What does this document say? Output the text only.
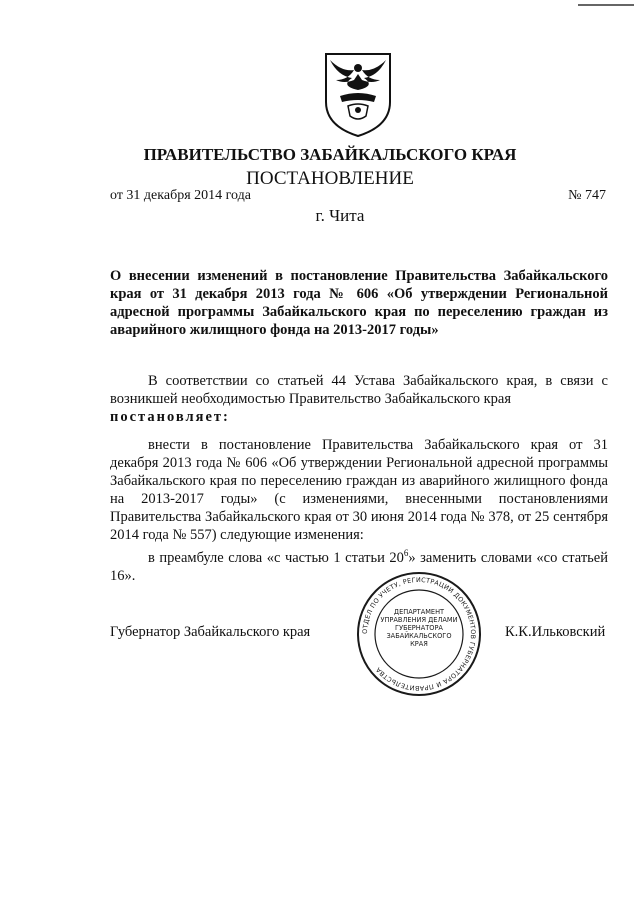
ПРАВИТЕЛЬСТВО ЗАБАЙКАЛЬСКОГО КРАЯ
ПОСТАНОВЛЕНИЕ
от 31 декабря 2014 года	№ 747
г. Чита
О внесении изменений в постановление Правительства Забайкальского края от 31 декабря 2013 года № 606 «Об утверждении Региональной адресной программы Забайкальского края по переселению граждан из аварийного жилищного фонда на 2013-2017 годы»
В соответствии со статьей 44 Устава Забайкальского края, в связи с возникшей необходимостью Правительство Забайкальского края
постановляет:
внести в постановление Правительства Забайкальского края от 31 декабря 2013 года № 606 «Об утверждении Региональной адресной программы Забайкальского края по переселению граждан из аварийного жилищного фонда на 2013-2017 годы» (с изменениями, внесенными постановлениями Правительства Забайкальского края от 30 июня 2014 года № 378, от 25 сентября 2014 года № 557) следующие изменения:
в преамбуле слова «с частью 1 статьи $20^6$» заменить словами «со статьей 16».
Губернатор Забайкальского края	К.К.Ильковский
ОТДЕЛ ПО УЧЕТУ, РЕГИСТРАЦИИ ДОКУМЕНТОВ ГУБЕРНАТОРА И ПРАВИТЕЛЬСТВА
ДЕПАРТАМЕНТ УПРАВЛЕНИЯ ДЕЛАМИ ГУБЕРНАТОРА ЗАБАЙКАЛЬСКОГО КРАЯ
